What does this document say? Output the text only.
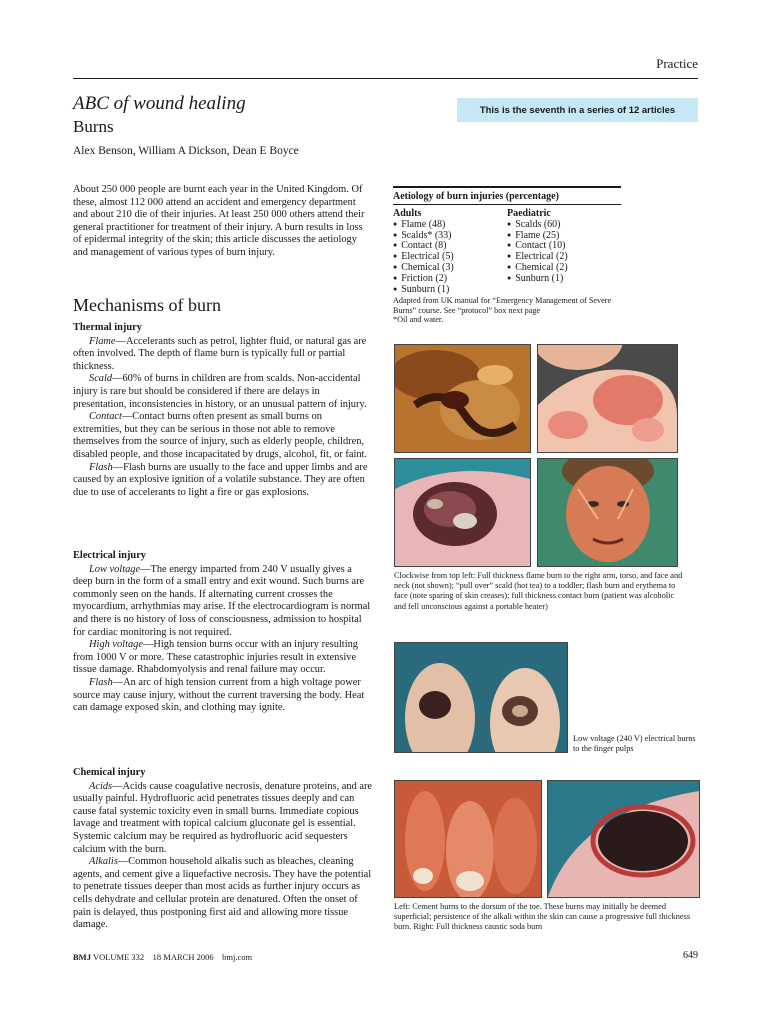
Practice
ABC of wound healing
Burns
Alex Benson, William A Dickson, Dean E Boyce
This is the seventh in a series of 12 articles

About 250 000 people are burnt each year in the United Kingdom. Of these, almost 112 000 attend an accident and emergency department and about 210 die of their injuries. At least 250 000 others attend their general practitioner for treatment of their injury. A burn results in loss of epidermal integrity of the skin; this article discusses the aetiology and management of various types of burn injury.

Mechanisms of burn

Thermal injury

Flame—Accelerants such as petrol, lighter fluid, or natural gas are often involved. The depth of flame burn is typically full or partial thickness.

Scald—60% of burns in children are from scalds. Non-accidental injury is rare but should be considered if there are delays in presentation, inconsistencies in history, or an unusual pattern of injury.

Contact—Contact burns often present as small burns on extremities, but they can be serious in those not able to remove themselves from the source of injury, such as elderly people, children, disabled people, and those incapacitated by drugs, alcohol, fit, or faint.

Flash—Flash burns are usually to the face and upper limbs and are caused by an explosive ignition of a volatile substance. They are often due to use of accelerants to light a fire or gas explosions.

Electrical injury

Low voltage—The energy imparted from 240 V usually gives a deep burn in the form of a small entry and exit wound. Such burns are commonly seen on the hands. If alternating current crosses the myocardium, arrhythmias may arise. If the electrocardiogram is normal and there is no history of loss of consciousness, admission to hospital for cardiac monitoring is not required.

High voltage—High tension burns occur with an injury resulting from 1000 V or more. These catastrophic injuries result in extensive tissue damage. Rhabdomyolysis and renal failure may occur.

Flash—An arc of high tension current from a high voltage power source may cause injury, without the current traversing the body. Heat can damage exposed skin, and clothing may ignite.

Chemical injury

Acids—Acids cause coagulative necrosis, denature proteins, and are usually painful. Hydrofluoric acid penetrates tissues deeply and can cause fatal systemic toxicity even in small burns. Immediate copious lavage and treatment with topical calcium gluconate gel is essential. Systemic calcium may be required as hydrofluoric acid sequesters calcium with the burn.

Alkalis—Common household alkalis such as bleaches, cleaning agents, and cement give a liquefactive necrosis. They have the potential to penetrate tissues deeper than most acids as further injury occurs as cells dehydrate and cellular protein are denatured. Often the onset of pain is delayed, thus postponing first aid and allowing more tissue damage.

Aetiology of burn injuries (percentage)
Adults
● Flame (48)
● Scalds* (33)
● Contact (8)
● Electrical (5)
● Chemical (3)
● Friction (2)
● Sunburn (1)
Paediatric
● Scalds (60)
● Flame (25)
● Contact (10)
● Electrical (2)
● Chemical (2)
● Sunburn (1)
Adapted from UK manual for “Emergency Management of Severe Burns” course. See “protocol” box next page
*Oil and water.
Clockwise from top left: Full thickness flame burn to the right arm, torso, and face and neck (not shown); “pull over” scald (hot tea) to a toddler; flash burn and erythema to face (note sparing of skin creases); full thickness contact burn (patient was alcoholic and fell unconscious against a portable heater)
Low voltage (240 V) electrical burns to the finger pulps
Left: Cement burns to the dorsum of the toe. These burns may initially be deemed superficial; persistence of the alkali within the skin can cause a progressive full thickness burn. Right: Full thickness caustic soda burn
BMJ VOLUME 332    18 MARCH 2006    bmj.com	649
